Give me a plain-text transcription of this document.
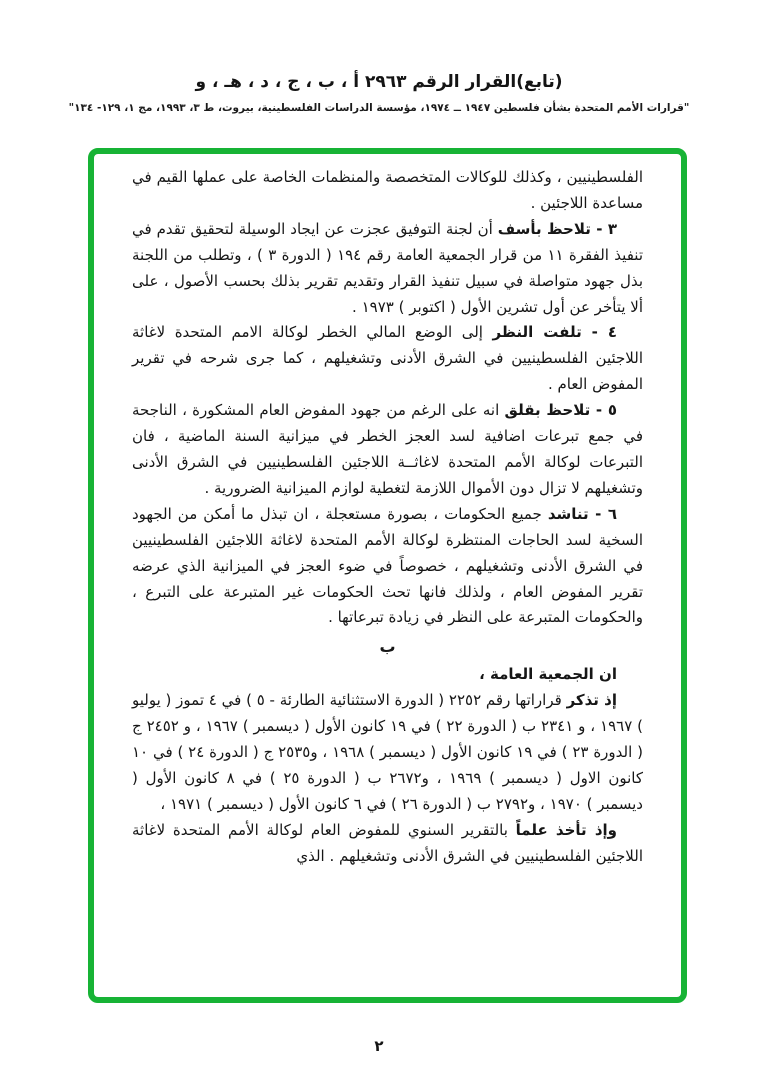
(تابع)القرار الرقم ٢٩٦٣ أ ، ب ، ج ، د ، هـ ، و
"قرارات الأمم المتحدة بشأن فلسطين ١٩٤٧ ــ ١٩٧٤، مؤسسة الدراسات الفلسطينية، بيروت، ط ٣، ١٩٩٣، مج ١، ١٢٩- ١٣٤"

الفلسطينيين ، وكذلك للوكالات المتخصصة والمنظمات الخاصة على عملها القيم في مساعدة اللاجئين .

٣ - تلاحظ بأسف أن لجنة التوفيق عجزت عن ايجاد الوسيلة لتحقيق تقدم في تنفيذ الفقرة ١١ من قرار الجمعية العامة رقم ١٩٤ ( الدورة ٣ ) ، وتطلب من اللجنة بذل جهود متواصلة في سبيل تنفيذ القرار وتقديم تقرير بذلك بحسب الأصول ، على ألا يتأخر عن أول تشرين الأول ( اكتوبر ) ١٩٧٣ .

٤ - تلفت النظر إلى الوضع المالي الخطر لوكالة الامم المتحدة لاغاثة اللاجئين الفلسطينيين في الشرق الأدنى وتشغيلهم ، كما جرى شرحه في تقرير المفوض العام .

٥ - تلاحظ بقلق انه على الرغم من جهود المفوض العام المشكورة ، الناجحة في جمع تبرعات اضافية لسد العجز الخطر في ميزانية السنة الماضية ، فان التبرعات لوكالة الأمم المتحدة لاغاثــة اللاجئين الفلسطينيين في الشرق الأدنى وتشغيلهم لا تزال دون الأموال اللازمة لتغطية لوازم الميزانية الضرورية .

٦ - تناشد جميع الحكومات ، بصورة مستعجلة ، ان تبذل ما أمكن من الجهود السخية لسد الحاجات المنتظرة لوكالة الأمم المتحدة لاغاثة اللاجئين الفلسطينيين في الشرق الأدنى وتشغيلهم ، خصوصاً في ضوء العجز في الميزانية الذي عرضه تقرير المفوض العام ، ولذلك فانها تحث الحكومات غير المتبرعة على التبرع ، والحكومات المتبرعة على النظر في زيادة تبرعاتها .

ب

ان الجمعية العامة ،

إذ تذكر قراراتها رقم ٢٢٥٢ ( الدورة الاستثنائية الطارئة - ٥ ) في ٤ تموز ( يوليو ) ١٩٦٧ ، و ٢٣٤١ ب ( الدورة ٢٢ ) في ١٩ كانون الأول ( ديسمبر ) ١٩٦٧ ، و ٢٤٥٢ ج ( الدورة ٢٣ ) في ١٩ كانون الأول ( ديسمبر ) ١٩٦٨ ، و٢٥٣٥ ج ( الدورة ٢٤ ) في ١٠ كانون الاول ( ديسمبر ) ١٩٦٩ ، و٢٦٧٢ ب ( الدورة ٢٥ ) في ٨ كانون الأول ( ديسمبر ) ١٩٧٠ ، و٢٧٩٢ ب ( الدورة ٢٦ ) في ٦ كانون الأول ( ديسمبر ) ١٩٧١ ،

وإذ تأخذ علماً بالتقرير السنوي للمفوض العام لوكالة الأمم المتحدة لاغاثة اللاجئين الفلسطينيين في الشرق الأدنى وتشغيلهم . الذي

٢
